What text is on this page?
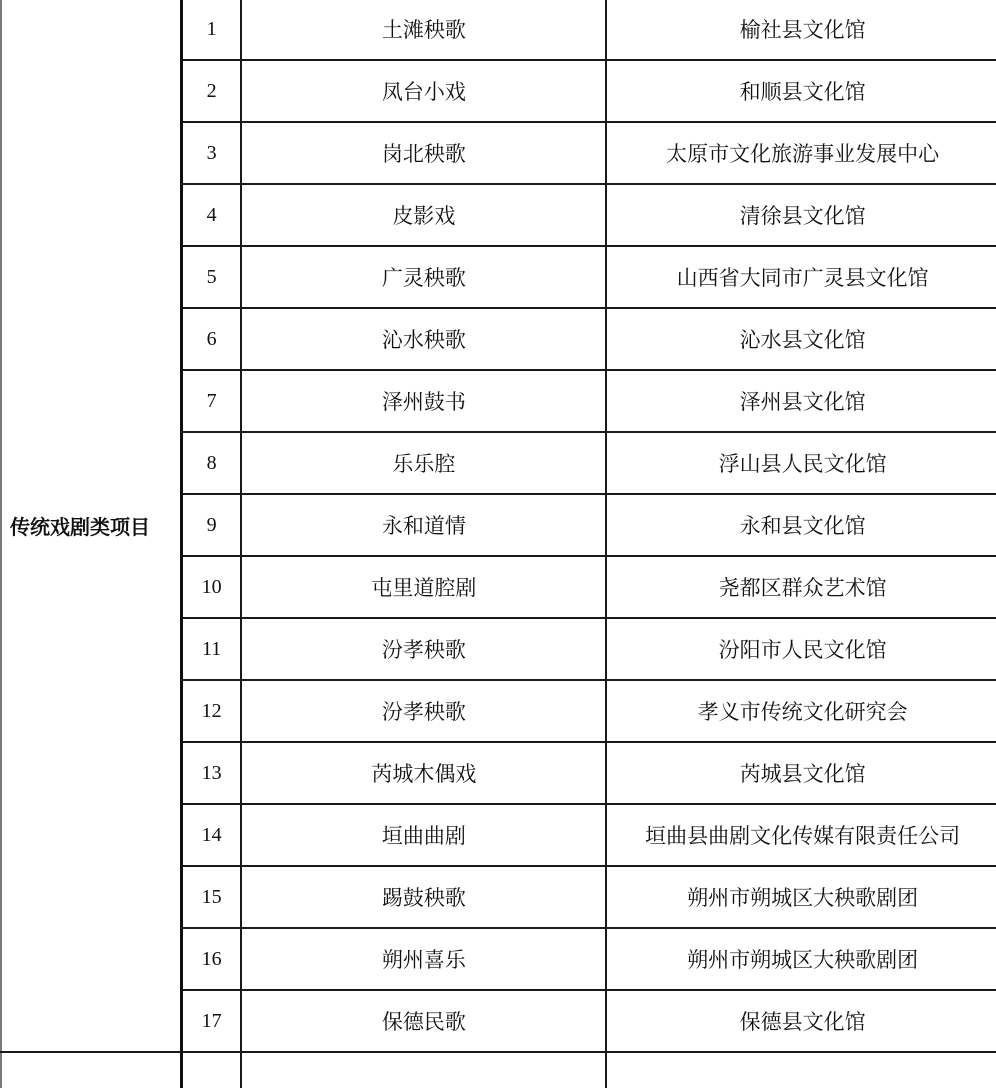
传统戏剧类项目	1	土滩秧歌	榆社县文化馆
	2	凤台小戏	和顺县文化馆
	3	岗北秧歌	太原市文化旅游事业发展中心
	4	皮影戏	清徐县文化馆
	5	广灵秧歌	山西省大同市广灵县文化馆
	6	沁水秧歌	沁水县文化馆
	7	泽州鼓书	泽州县文化馆
	8	乐乐腔	浮山县人民文化馆
	9	永和道情	永和县文化馆
	10	屯里道腔剧	尧都区群众艺术馆
	11	汾孝秧歌	汾阳市人民文化馆
	12	汾孝秧歌	孝义市传统文化研究会
	13	芮城木偶戏	芮城县文化馆
	14	垣曲曲剧	垣曲县曲剧文化传媒有限责任公司
	15	踢鼓秧歌	朔州市朔城区大秧歌剧团
	16	朔州喜乐	朔州市朔城区大秧歌剧团
	17	保德民歌	保德县文化馆
